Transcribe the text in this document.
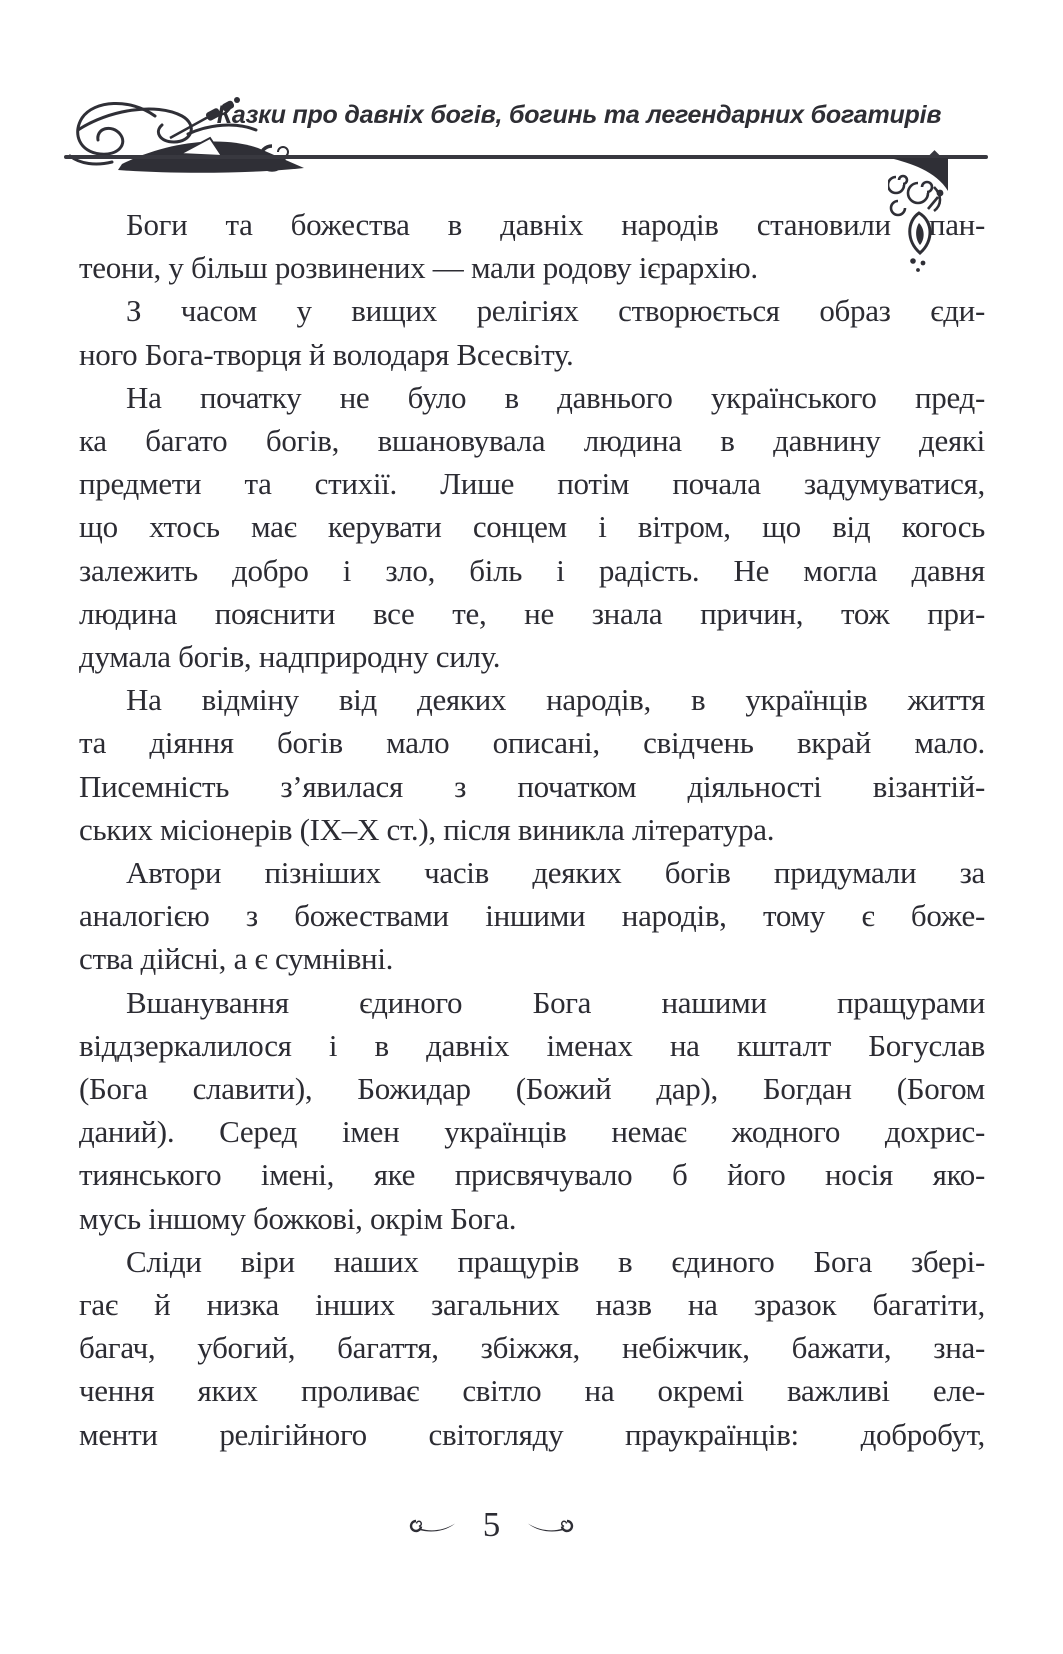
Казки про давніх богів, богинь та легендарних богатирів
Боги та божества в давніх народів становили пан-
теони, у більш розвинених — мали родову ієрархію.
З часом у вищих релігіях створюється образ єди-
ного Бога-творця й володаря Всесвіту.
На початку не було в давнього українського пред-
ка багато богів, вшановувала людина в давнину деякі
предмети та стихії. Лише потім почала задумуватися,
що хтось має керувати сонцем і вітром, що від когось
залежить добро і зло, біль і радість. Не могла давня
людина пояснити все те, не знала причин, тож при-
думала богів, надприродну силу.
На відміну від деяких народів, в українців життя
та діяння богів мало описані, свідчень вкрай мало.
Писемність з’явилася з початком діяльності візантій-
ських місіонерів (IX–X ст.), після виникла література.
Автори пізніших часів деяких богів придумали за
аналогією з божествами іншими народів, тому є боже-
ства дійсні, а є сумнівні.
Вшанування єдиного Бога нашими пращурами
віддзеркалилося і в давніх іменах на кшталт Богуслав
(Бога славити), Божидар (Божий дар), Богдан (Богом
даний). Серед імен українців немає жодного дохрис-
тиянського імені, яке присвячувало б його носія яко-
мусь іншому божкові, окрім Бога.
Сліди віри наших пращурів в єдиного Бога збері-
гає й низка інших загальних назв на зразок багатіти,
багач, убогий, багаття, збіжжя, небіжчик, бажати, зна-
чення яких проливає світло на окремі важливі еле-
менти релігійного світогляду праукраїнців: добробут,
5
